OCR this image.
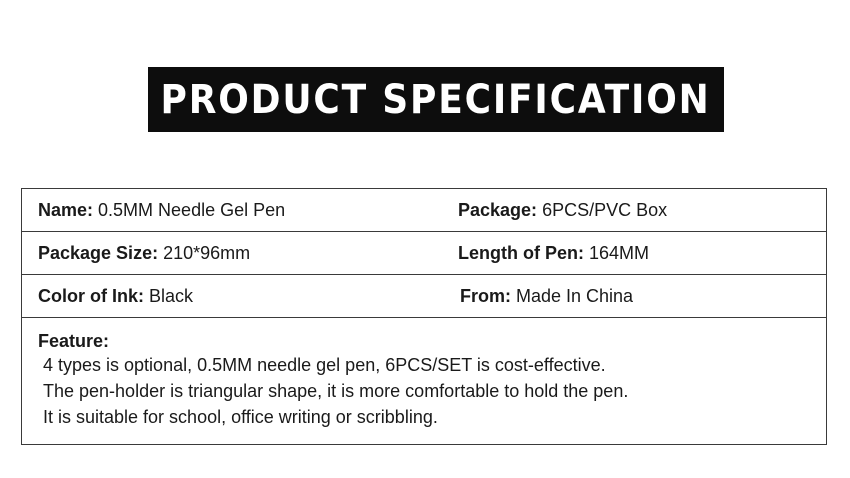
PRODUCT SPECIFICATION
Name: 0.5MM Needle Gel Pen	Package: 6PCS/PVC Box
Package Size: 210*96mm	Length of Pen: 164MM
Color of Ink: Black	From: Made In China
Feature:
4 types is optional, 0.5MM needle gel pen, 6PCS/SET is cost-effective.
The pen-holder is triangular shape, it is more comfortable to hold the pen.
It is suitable for school, office writing or scribbling.
